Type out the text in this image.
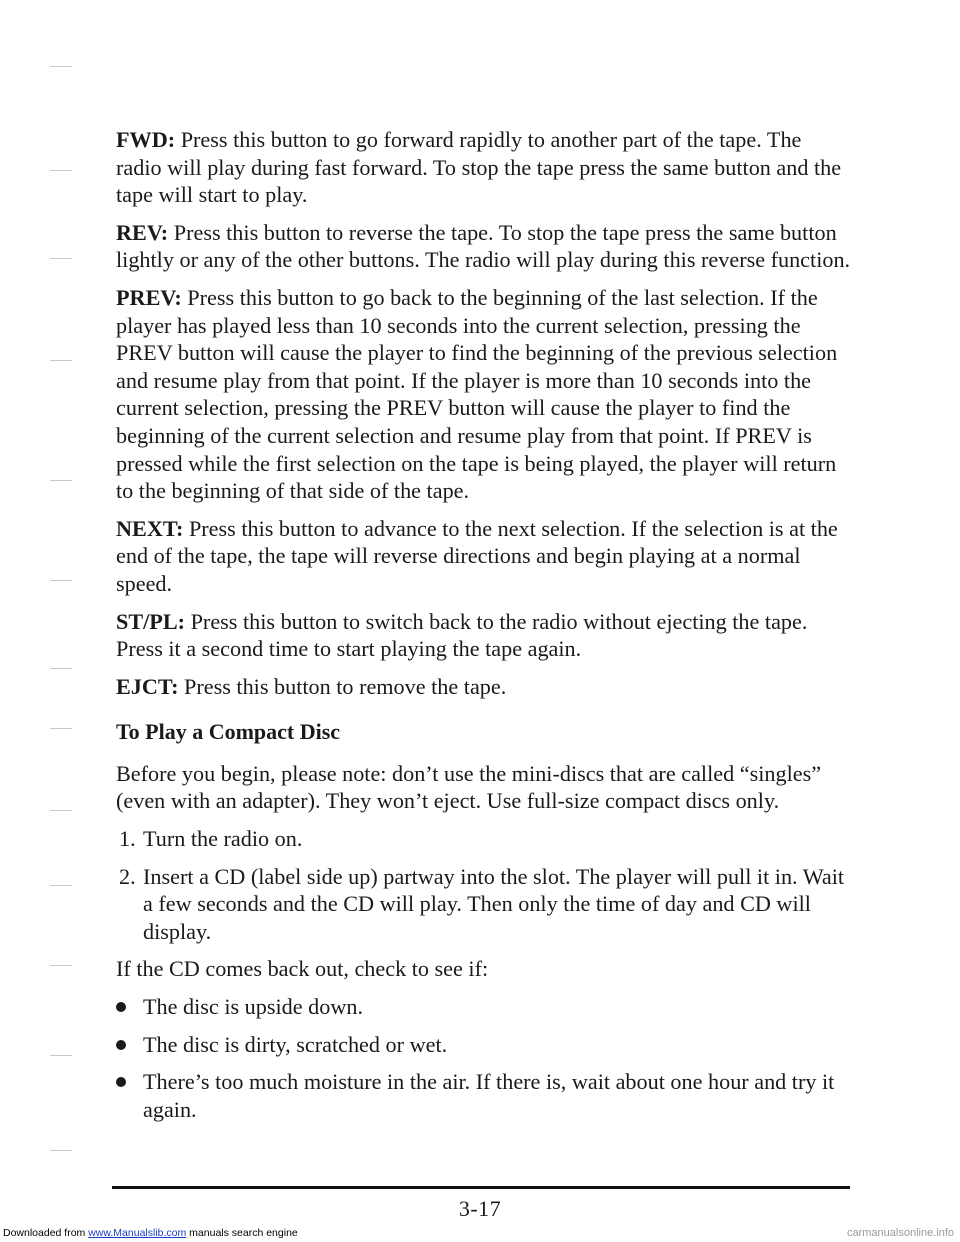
FWD: Press this button to go forward rapidly to another part of the tape. The radio will play during fast forward. To stop the tape press the same button and the tape will start to play.

REV: Press this button to reverse the tape. To stop the tape press the same button lightly or any of the other buttons. The radio will play during this reverse function.

PREV: Press this button to go back to the beginning of the last selection. If the player has played less than 10 seconds into the current selection, pressing the PREV button will cause the player to find the beginning of the previous selection and resume play from that point. If the player is more than 10 seconds into the current selection, pressing the PREV button will cause the player to find the beginning of the current selection and resume play from that point. If PREV is pressed while the first selection on the tape is being played, the player will return to the beginning of that side of the tape.

NEXT: Press this button to advance to the next selection. If the selection is at the end of the tape, the tape will reverse directions and begin playing at a normal speed.

ST/PL: Press this button to switch back to the radio without ejecting the tape. Press it a second time to start playing the tape again.

EJCT: Press this button to remove the tape.

To Play a Compact Disc

Before you begin, please note: don’t use the mini-discs that are called “singles” (even with an adapter). They won’t eject. Use full-size compact discs only.

1. Turn the radio on.
2. Insert a CD (label side up) partway into the slot. The player will pull it in. Wait a few seconds and the CD will play. Then only the time of day and CD will display.

If the CD comes back out, check to see if:

The disc is upside down.
The disc is dirty, scratched or wet.
There’s too much moisture in the air. If there is, wait about one hour and try it again.
3-17
Downloaded from www.Manualslib.com manuals search engine	carmanualsonline.info
